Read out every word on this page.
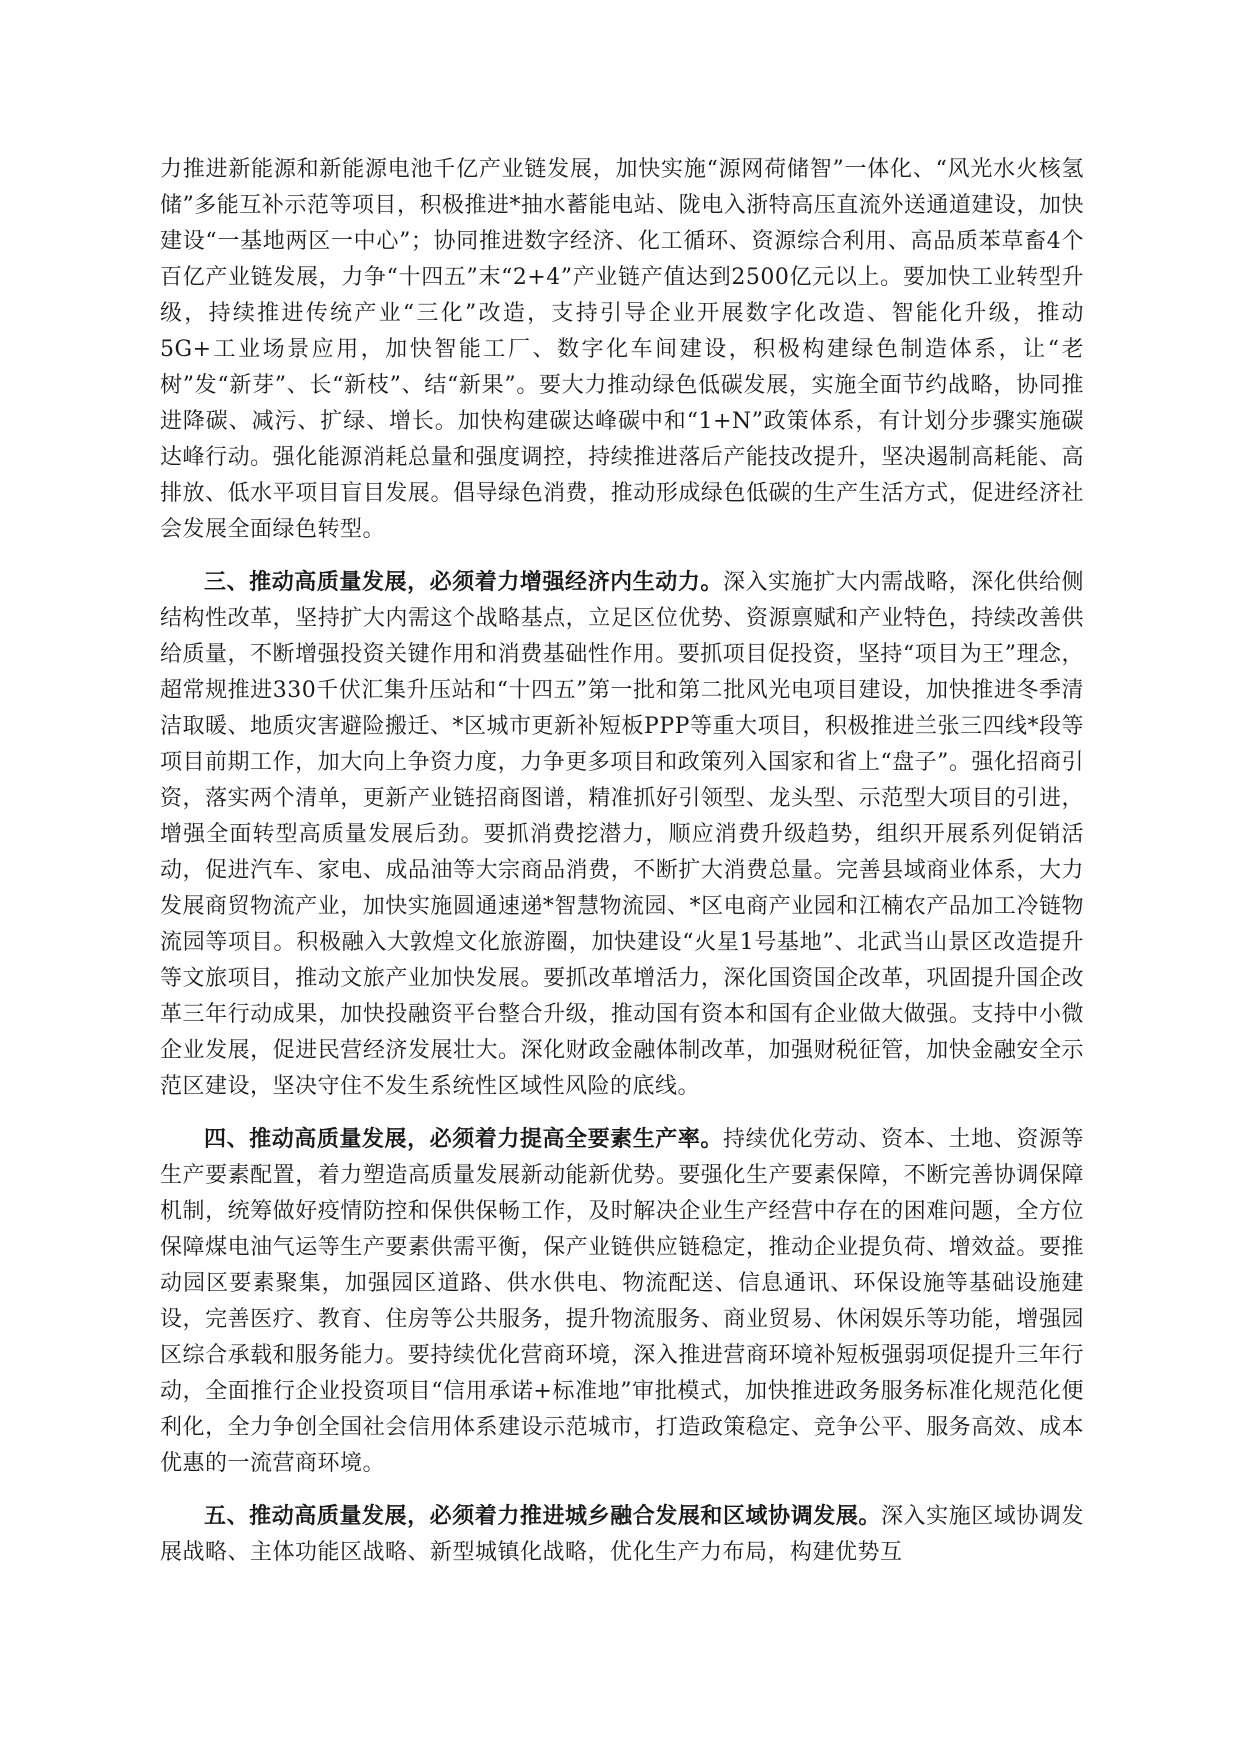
力推进新能源和新能源电池千亿产业链发展，加快实施“源网荷储智”一体化、“风光水火核氢储”多能互补示范等项目，积极推进*抽水蓄能电站、陇电入浙特高压直流外送通道建设，加快建设“一基地两区一中心”；协同推进数字经济、化工循环、资源综合利用、高品质苯草畜4个百亿产业链发展，力争“十四五”末“2+4”产业链产值达到2500亿元以上。要加快工业转型升级，持续推进传统产业“三化”改造，支持引导企业开展数字化改造、智能化升级，推动5G+工业场景应用，加快智能工厂、数字化车间建设，积极构建绿色制造体系，让“老树”发“新芽”、长“新枝”、结“新果”。要大力推动绿色低碳发展，实施全面节约战略，协同推进降碳、减污、扩绿、增长。加快构建碳达峰碳中和“1+N”政策体系，有计划分步骤实施碳达峰行动。强化能源消耗总量和强度调控，持续推进落后产能技改提升，坚决遏制高耗能、高排放、低水平项目盲目发展。倡导绿色消费，推动形成绿色低碳的生产生活方式，促进经济社会发展全面绿色转型。

三、推动高质量发展，必须着力增强经济内生动力。深入实施扩大内需战略，深化供给侧结构性改革，坚持扩大内需这个战略基点，立足区位优势、资源禀赋和产业特色，持续改善供给质量，不断增强投资关键作用和消费基础性作用。要抓项目促投资，坚持“项目为王”理念，超常规推进330千伏汇集升压站和“十四五”第一批和第二批风光电项目建设，加快推进冬季清洁取暖、地质灾害避险搬迁、*区城市更新补短板PPP等重大项目，积极推进兰张三四线*段等项目前期工作，加大向上争资力度，力争更多项目和政策列入国家和省上“盘子”。强化招商引资，落实两个清单，更新产业链招商图谱，精准抓好引领型、龙头型、示范型大项目的引进，增强全面转型高质量发展后劲。要抓消费挖潜力，顺应消费升级趋势，组织开展系列促销活动，促进汽车、家电、成品油等大宗商品消费，不断扩大消费总量。完善县域商业体系，大力发展商贸物流产业，加快实施圆通速递*智慧物流园、*区电商产业园和江楠农产品加工冷链物流园等项目。积极融入大敦煌文化旅游圈，加快建设“火星1号基地”、北武当山景区改造提升等文旅项目，推动文旅产业加快发展。要抓改革增活力，深化国资国企改革，巩固提升国企改革三年行动成果，加快投融资平台整合升级，推动国有资本和国有企业做大做强。支持中小微企业发展，促进民营经济发展壮大。深化财政金融体制改革，加强财税征管，加快金融安全示范区建设，坚决守住不发生系统性区域性风险的底线。

四、推动高质量发展，必须着力提高全要素生产率。持续优化劳动、资本、土地、资源等生产要素配置，着力塑造高质量发展新动能新优势。要强化生产要素保障，不断完善协调保障机制，统筹做好疫情防控和保供保畅工作，及时解决企业生产经营中存在的困难问题，全方位保障煤电油气运等生产要素供需平衡，保产业链供应链稳定，推动企业提负荷、增效益。要推动园区要素聚集，加强园区道路、供水供电、物流配送、信息通讯、环保设施等基础设施建设，完善医疗、教育、住房等公共服务，提升物流服务、商业贸易、休闲娱乐等功能，增强园区综合承载和服务能力。要持续优化营商环境，深入推进营商环境补短板强弱项促提升三年行动，全面推行企业投资项目“信用承诺+标准地”审批模式，加快推进政务服务标准化规范化便利化，全力争创全国社会信用体系建设示范城市，打造政策稳定、竞争公平、服务高效、成本优惠的一流营商环境。

五、推动高质量发展，必须着力推进城乡融合发展和区域协调发展。深入实施区域协调发展战略、主体功能区战略、新型城镇化战略，优化生产力布局，构建优势互
